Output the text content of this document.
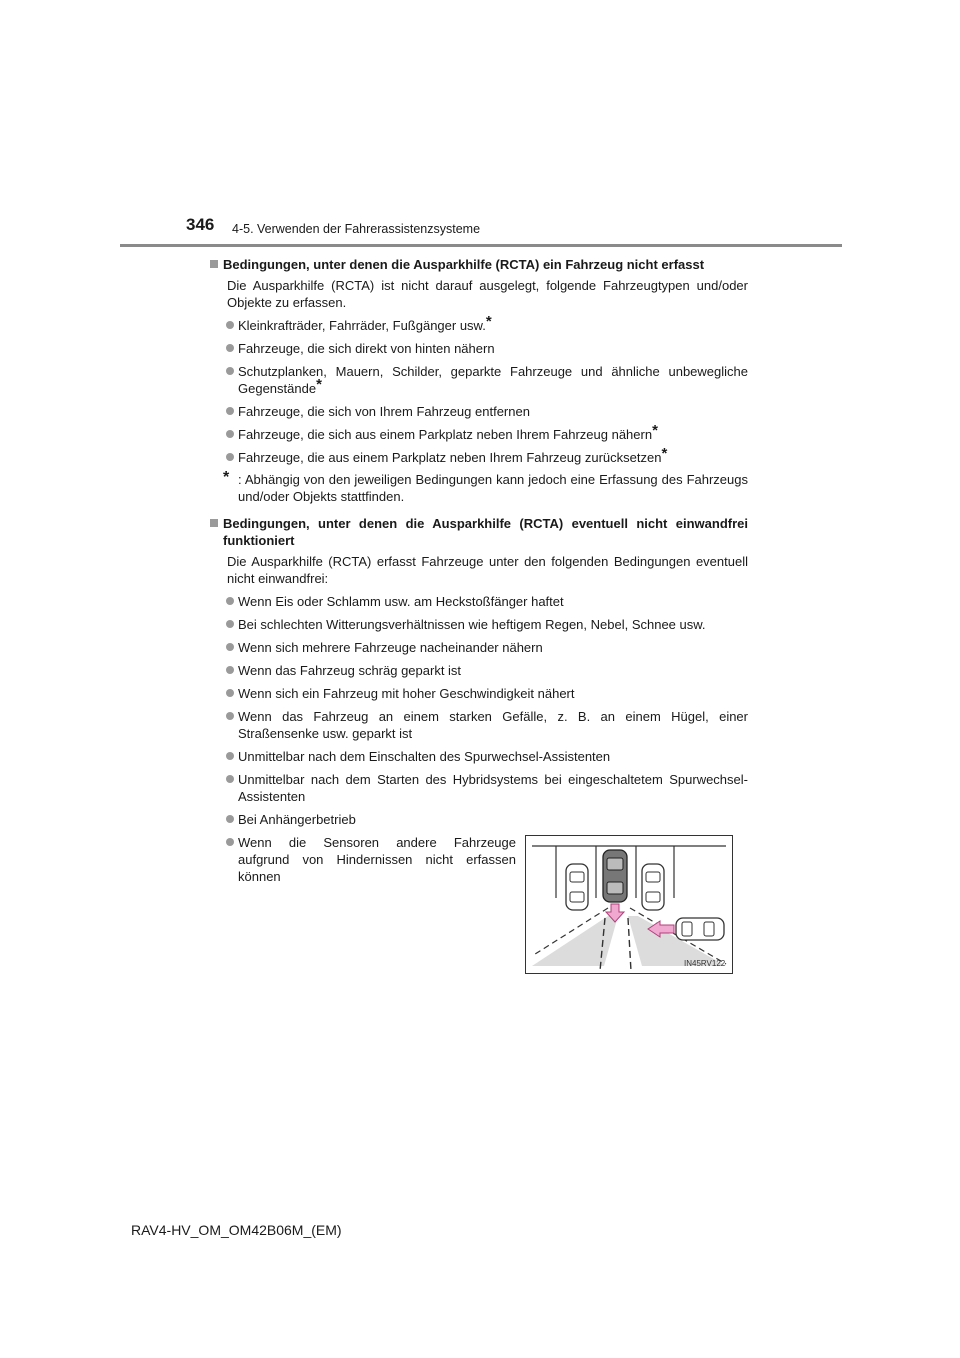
346 4-5. Verwenden der Fahrerassistenzsysteme
Bedingungen, unter denen die Ausparkhilfe (RCTA) ein Fahrzeug nicht erfasst
Die Ausparkhilfe (RCTA) ist nicht darauf ausgelegt, folgende Fahrzeugtypen und/oder Objekte zu erfassen.
Kleinkrafträder, Fahrräder, Fußgänger usw.*
Fahrzeuge, die sich direkt von hinten nähern
Schutzplanken, Mauern, Schilder, geparkte Fahrzeuge und ähnliche unbewegliche Gegenstände*
Fahrzeuge, die sich von Ihrem Fahrzeug entfernen
Fahrzeuge, die sich aus einem Parkplatz neben Ihrem Fahrzeug nähern*
Fahrzeuge, die aus einem Parkplatz neben Ihrem Fahrzeug zurücksetzen*
* : Abhängig von den jeweiligen Bedingungen kann jedoch eine Erfassung des Fahrzeugs und/oder Objekts stattfinden.
Bedingungen, unter denen die Ausparkhilfe (RCTA) eventuell nicht einwandfrei funktioniert
Die Ausparkhilfe (RCTA) erfasst Fahrzeuge unter den folgenden Bedingungen eventuell nicht einwandfrei:
Wenn Eis oder Schlamm usw. am Heckstoßfänger haftet
Bei schlechten Witterungsverhältnissen wie heftigem Regen, Nebel, Schnee usw.
Wenn sich mehrere Fahrzeuge nacheinander nähern
Wenn das Fahrzeug schräg geparkt ist
Wenn sich ein Fahrzeug mit hoher Geschwindigkeit nähert
Wenn das Fahrzeug an einem starken Gefälle, z. B. an einem Hügel, einer Straßensenke usw. geparkt ist
Unmittelbar nach dem Einschalten des Spurwechsel-Assistenten
Unmittelbar nach dem Starten des Hybridsystems bei eingeschaltetem Spurwechsel-Assistenten
Bei Anhängerbetrieb
Wenn die Sensoren andere Fahrzeuge aufgrund von Hindernissen nicht erfassen können
IN45RV122
RAV4-HV_OM_OM42B06M_(EM)
